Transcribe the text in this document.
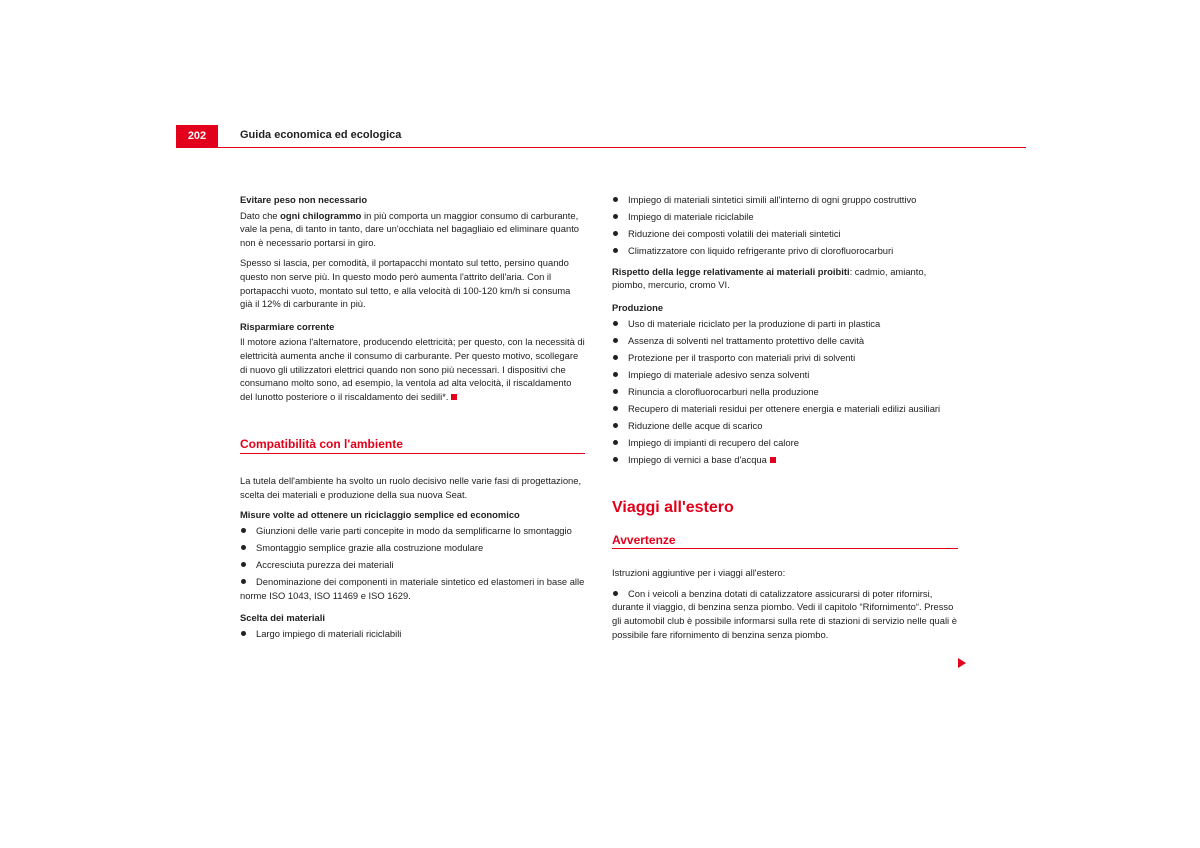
202	Guida economica ed ecologica

Evitare peso non necessario

Dato che ogni chilogrammo in più comporta un maggior consumo di carburante, vale la pena, di tanto in tanto, dare un'occhiata nel bagagliaio ed eliminare quanto non è necessario portarsi in giro.

Spesso si lascia, per comodità, il portapacchi montato sul tetto, persino quando questo non serve più. In questo modo però aumenta l'attrito dell'aria. Con il portapacchi vuoto, montato sul tetto, e alla velocità di 100-120 km/h si consuma già il 12% di carburante in più.

Risparmiare corrente

Il motore aziona l'alternatore, producendo elettricità; per questo, con la necessità di elettricità aumenta anche il consumo di carburante. Per questo motivo, scollegare di nuovo gli utilizzatori elettrici quando non sono più necessari. I dispositivi che consumano molto sono, ad esempio, la ventola ad alta velocità, il riscaldamento del lunotto posteriore o il riscaldamento dei sedili*.

Compatibilità con l'ambiente

La tutela dell'ambiente ha svolto un ruolo decisivo nelle varie fasi di progettazione, scelta dei materiali e produzione della sua nuova Seat.

Misure volte ad ottenere un riciclaggio semplice ed economico

Giunzioni delle varie parti concepite in modo da semplificarne lo smontaggio
Smontaggio semplice grazie alla costruzione modulare
Accresciuta purezza dei materiali
Denominazione dei componenti in materiale sintetico ed elastomeri in base alle norme ISO 1043, ISO 11469 e ISO 1629.

Scelta dei materiali

Largo impiego di materiali riciclabili
Impiego di materiali sintetici simili all'interno di ogni gruppo costruttivo
Impiego di materiale riciclabile
Riduzione dei composti volatili dei materiali sintetici
Climatizzatore con liquido refrigerante privo di clorofluorocarburi

Rispetto della legge relativamente ai materiali proibiti: cadmio, amianto, piombo, mercurio, cromo VI.

Produzione

Uso di materiale riciclato per la produzione di parti in plastica
Assenza di solventi nel trattamento protettivo delle cavità
Protezione per il trasporto con materiali privi di solventi
Impiego di materiale adesivo senza solventi
Rinuncia a clorofluorocarburi nella produzione
Recupero di materiali residui per ottenere energia e materiali edilizi ausiliari
Riduzione delle acque di scarico
Impiego di impianti di recupero del calore
Impiego di vernici a base d'acqua
Viaggi all'estero
Avvertenze

Istruzioni aggiuntive per i viaggi all'estero:

Con i veicoli a benzina dotati di catalizzatore assicurarsi di poter rifornirsi, durante il viaggio, di benzina senza piombo. Vedi il capitolo “Rifornimento“. Presso gli automobil club è possibile informarsi sulla rete di stazioni di servizio nelle quali è possibile fare rifornimento di benzina senza piombo.
